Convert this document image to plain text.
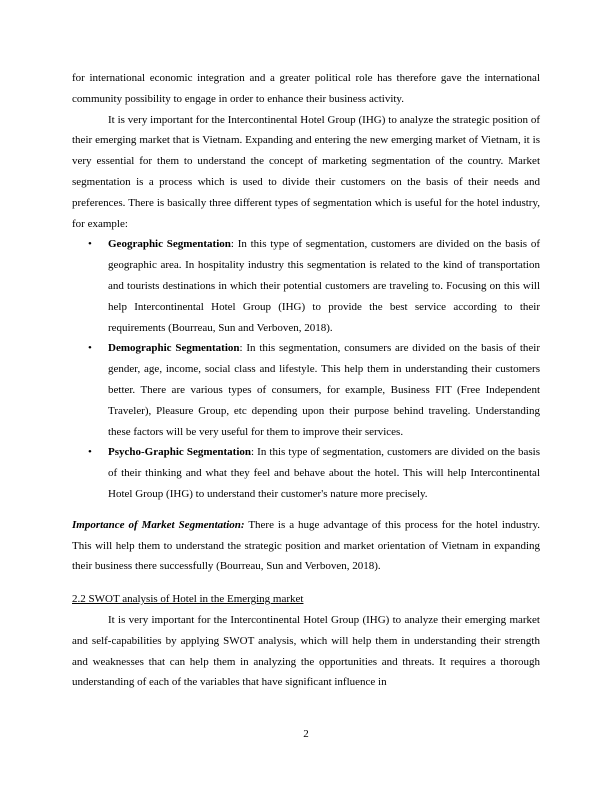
for international economic integration and a greater political role has therefore gave the international community possibility to engage in order to enhance their business activity.

It is very important for the Intercontinental Hotel Group (IHG) to analyze the strategic position of their emerging market that is Vietnam. Expanding and entering the new emerging market of Vietnam, it is very essential for them to understand the concept of marketing segmentation of the country. Market segmentation is a process which is used to divide their customers on the basis of their needs and preferences. There is basically three different types of segmentation which is useful for the hotel industry, for example:

• Geographic Segmentation: In this type of segmentation, customers are divided on the basis of geographic area. In hospitality industry this segmentation is related to the kind of transportation and tourists destinations in which their potential customers are traveling to. Focusing on this will help Intercontinental Hotel Group (IHG) to provide the best service according to their requirements (Bourreau, Sun and Verboven, 2018).
• Demographic Segmentation: In this segmentation, consumers are divided on the basis of their gender, age, income, social class and lifestyle. This help them in understanding their customers better. There are various types of consumers, for example, Business FIT (Free Independent Traveler), Pleasure Group, etc depending upon their purpose behind traveling. Understanding these factors will be very useful for them to improve their services.
• Psycho-Graphic Segmentation: In this type of segmentation, customers are divided on the basis of their thinking and what they feel and behave about the hotel. This will help Intercontinental Hotel Group (IHG) to understand their customer's nature more precisely.

Importance of Market Segmentation: There is a huge advantage of this process for the hotel industry. This will help them to understand the strategic position and market orientation of Vietnam in expanding their business there successfully (Bourreau, Sun and Verboven, 2018).

2.2 SWOT analysis of Hotel in the Emerging market

It is very important for the Intercontinental Hotel Group (IHG) to analyze their emerging market and self-capabilities by applying SWOT analysis, which will help them in understanding their strength and weaknesses that can help them in analyzing the opportunities and threats. It requires a thorough understanding of each of the variables that have significant influence in

2
